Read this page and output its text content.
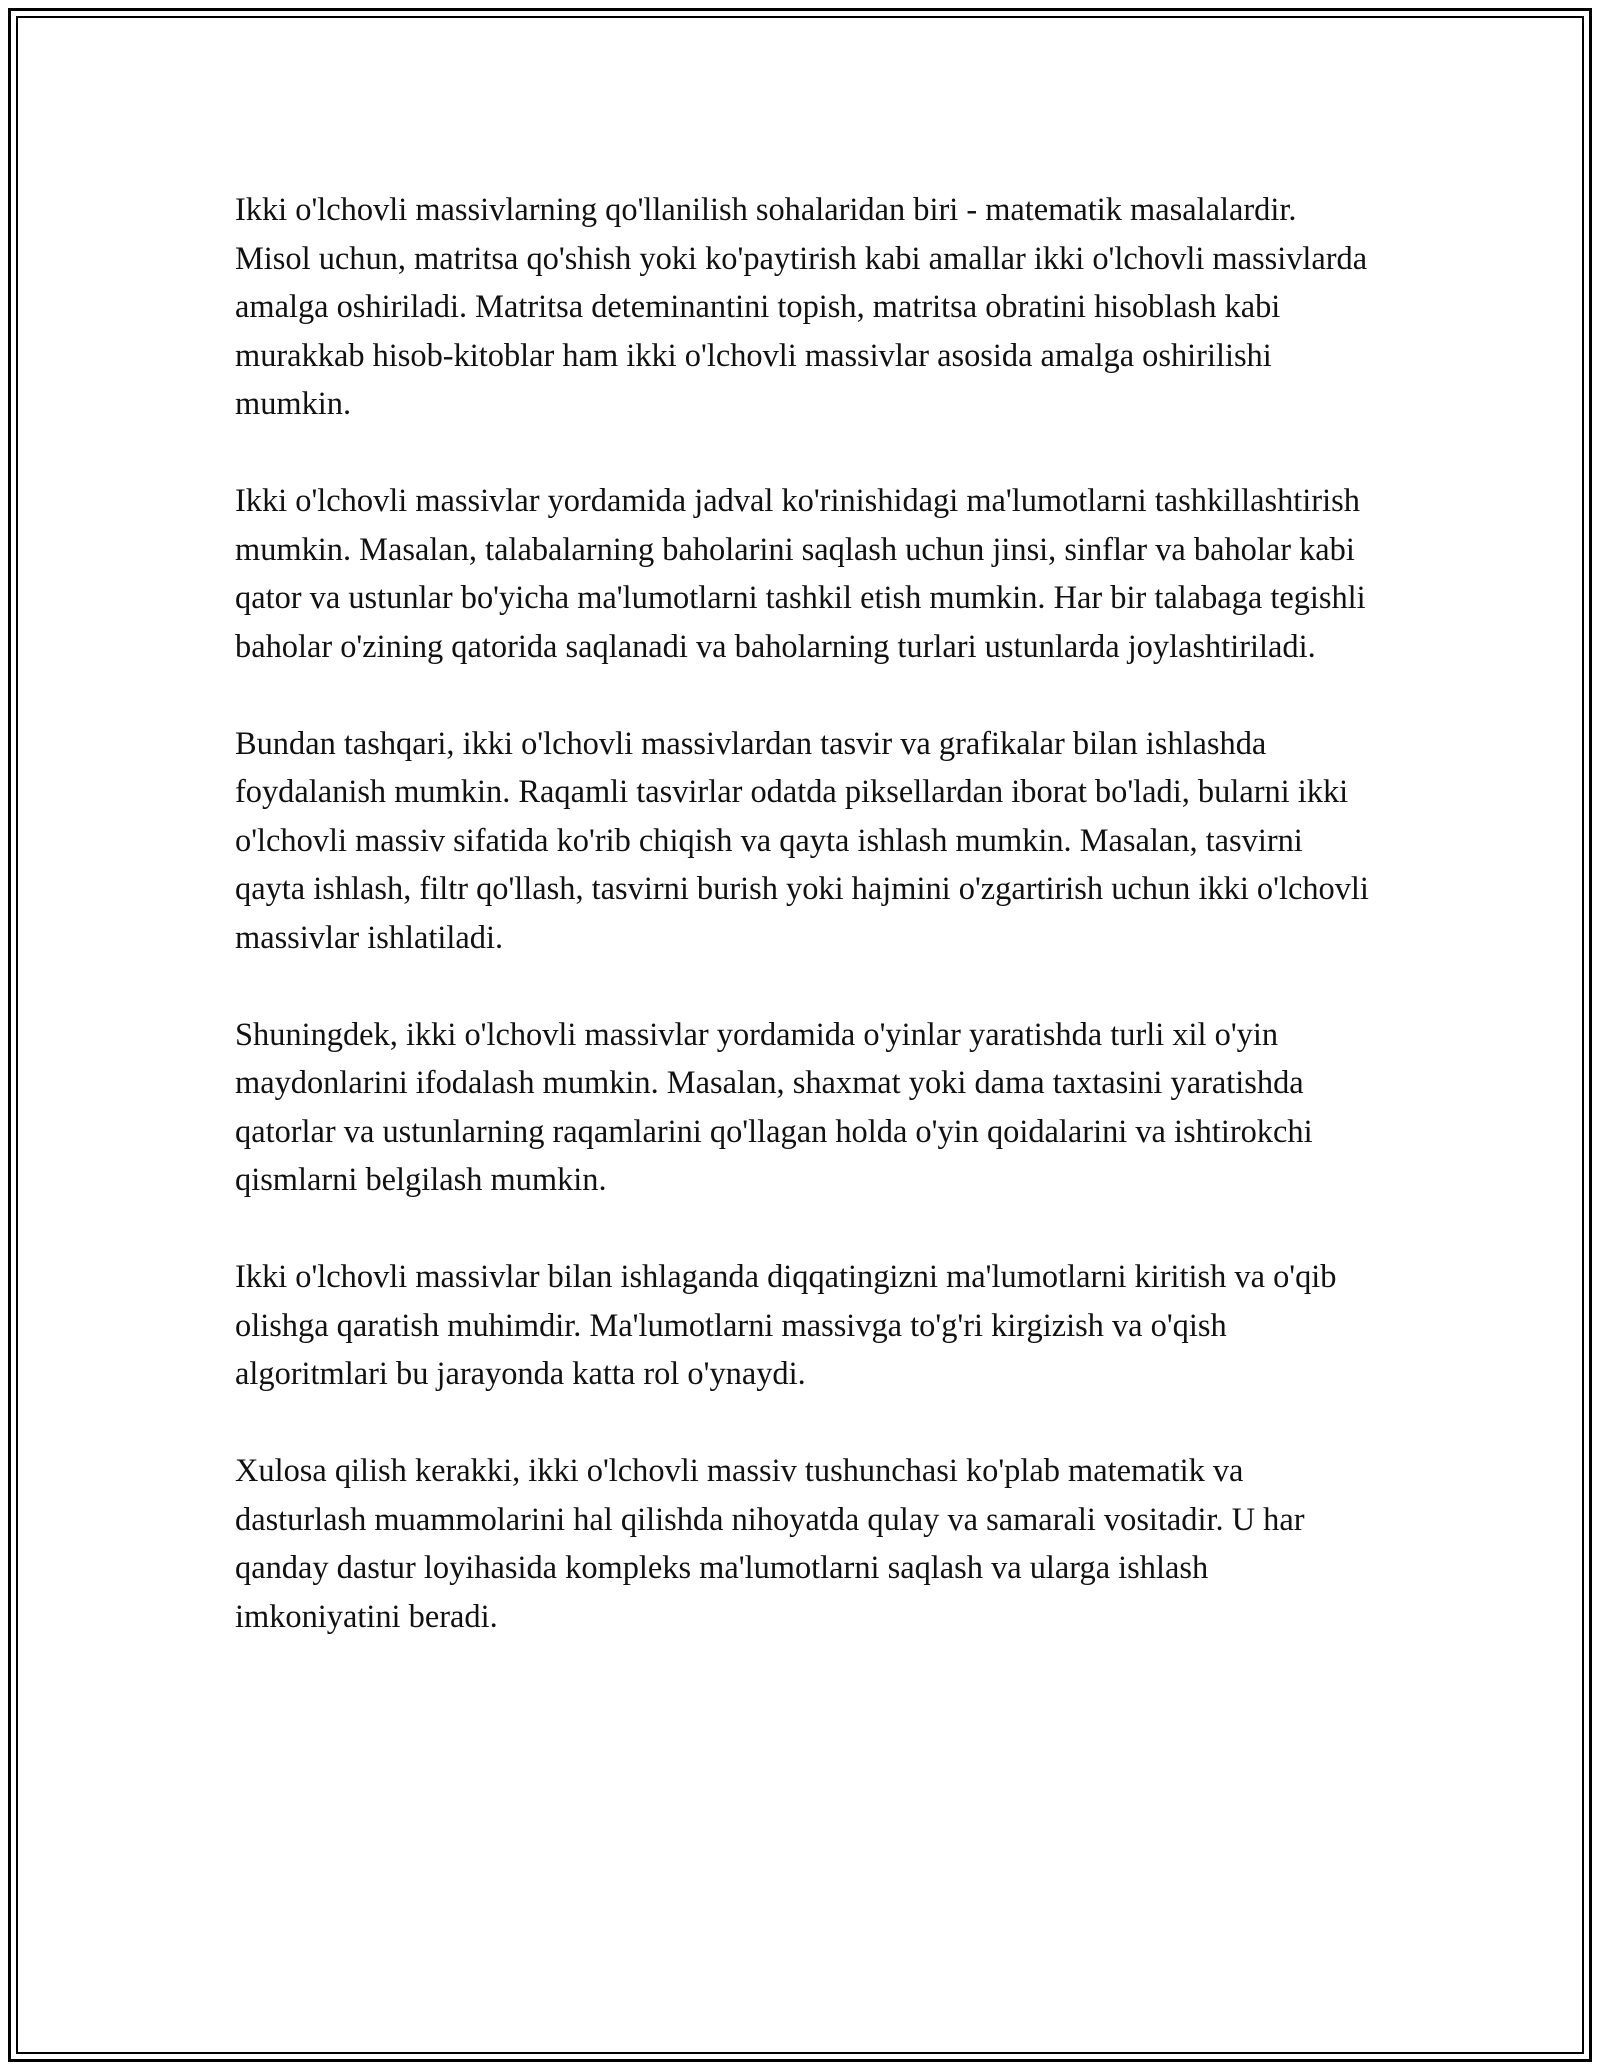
Ikki o'lchovli massivlarning qo'llanilish sohalaridan biri - matematik masalalardir. Misol uchun, matritsa qo'shish yoki ko'paytirish kabi amallar ikki o'lchovli massivlarda amalga oshiriladi. Matritsa deteminantini topish, matritsa obratini hisoblash kabi murakkab hisob-kitoblar ham ikki o'lchovli massivlar asosida amalga oshirilishi mumkin.

Ikki o'lchovli massivlar yordamida jadval ko'rinishidagi ma'lumotlarni tashkillashtirish mumkin. Masalan, talabalarning baholarini saqlash uchun jinsi, sinflar va baholar kabi qator va ustunlar bo'yicha ma'lumotlarni tashkil etish mumkin. Har bir talabaga tegishli baholar o'zining qatorida saqlanadi va baholarning turlari ustunlarda joylashtiriladi.

Bundan tashqari, ikki o'lchovli massivlardan tasvir va grafikalar bilan ishlashda foydalanish mumkin. Raqamli tasvirlar odatda piksellardan iborat bo'ladi, bularni ikki o'lchovli massiv sifatida ko'rib chiqish va qayta ishlash mumkin. Masalan, tasvirni qayta ishlash, filtr qo'llash, tasvirni burish yoki hajmini o'zgartirish uchun ikki o'lchovli massivlar ishlatiladi.

Shuningdek, ikki o'lchovli massivlar yordamida o'yinlar yaratishda turli xil o'yin maydonlarini ifodalash mumkin. Masalan, shaxmat yoki dama taxtasini yaratishda qatorlar va ustunlarning raqamlarini qo'llagan holda o'yin qoidalarini va ishtirokchi qismlarni belgilash mumkin.

Ikki o'lchovli massivlar bilan ishlaganda diqqatingizni ma'lumotlarni kiritish va o'qib olishga qaratish muhimdir. Ma'lumotlarni massivga to'g'ri kirgizish va o'qish algoritmlari bu jarayonda katta rol o'ynaydi.

Xulosa qilish kerakki, ikki o'lchovli massiv tushunchasi ko'plab matematik va dasturlash muammolarini hal qilishda nihoyatda qulay va samarali vositadir. U har qanday dastur loyihasida kompleks ma'lumotlarni saqlash va ularga ishlash imkoniyatini beradi.
